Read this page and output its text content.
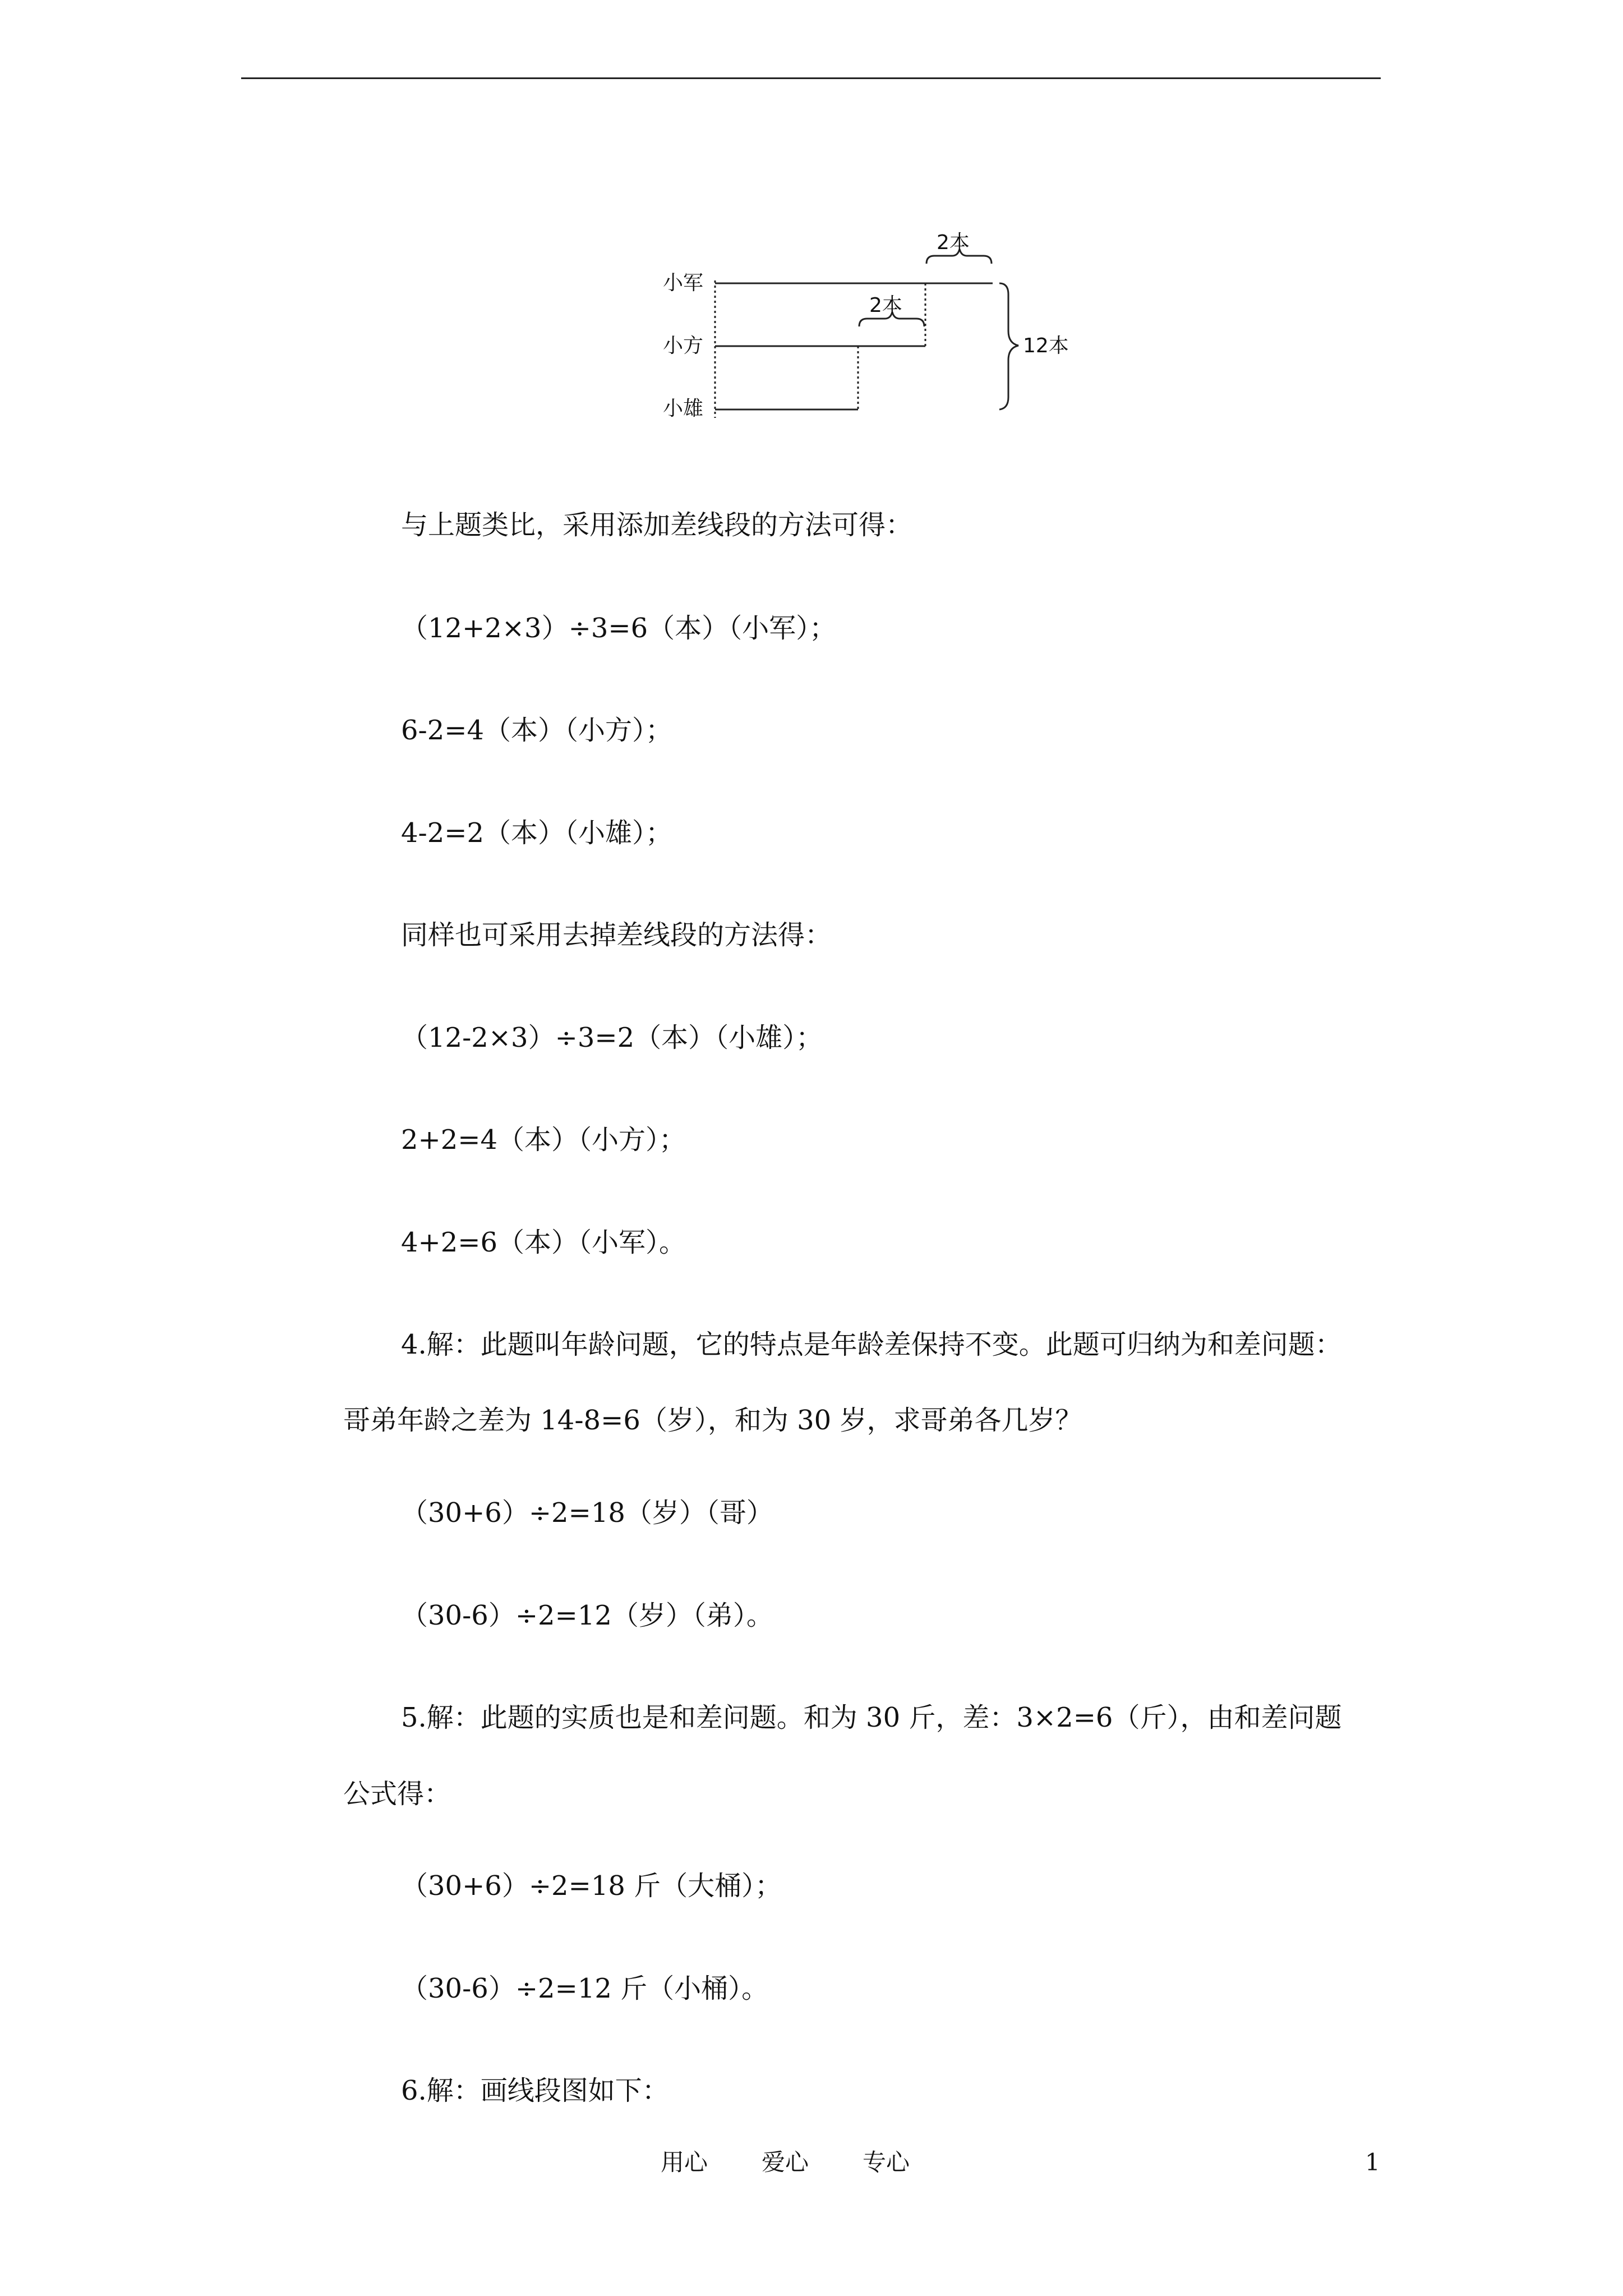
小军
小方
小雄
2本
2本
12本
与上题类比，采用添加差线段的方法可得：
（12+2×3）÷3=6（本）（小军）；
6-2=4（本）（小方）；
4-2=2（本）（小雄）；
同样也可采用去掉差线段的方法得：
（12-2×3）÷3=2（本）（小雄）；
2+2=4（本）（小方）；
4+2=6（本）（小军）。
4.解：此题叫年龄问题，它的特点是年龄差保持不变。此题可归纳为和差问题：
哥弟年龄之差为 14-8=6（岁），和为 30 岁，求哥弟各几岁？
（30+6）÷2=18（岁）（哥）
（30-6）÷2=12（岁）（弟）。
5.解：此题的实质也是和差问题。和为 30 斤，差：3×2=6（斤），由和差问题
公式得：
（30+6）÷2=18 斤（大桶）；
（30-6）÷2=12 斤（小桶）。
6.解：画线段图如下：
用心 爱心 专心	1
